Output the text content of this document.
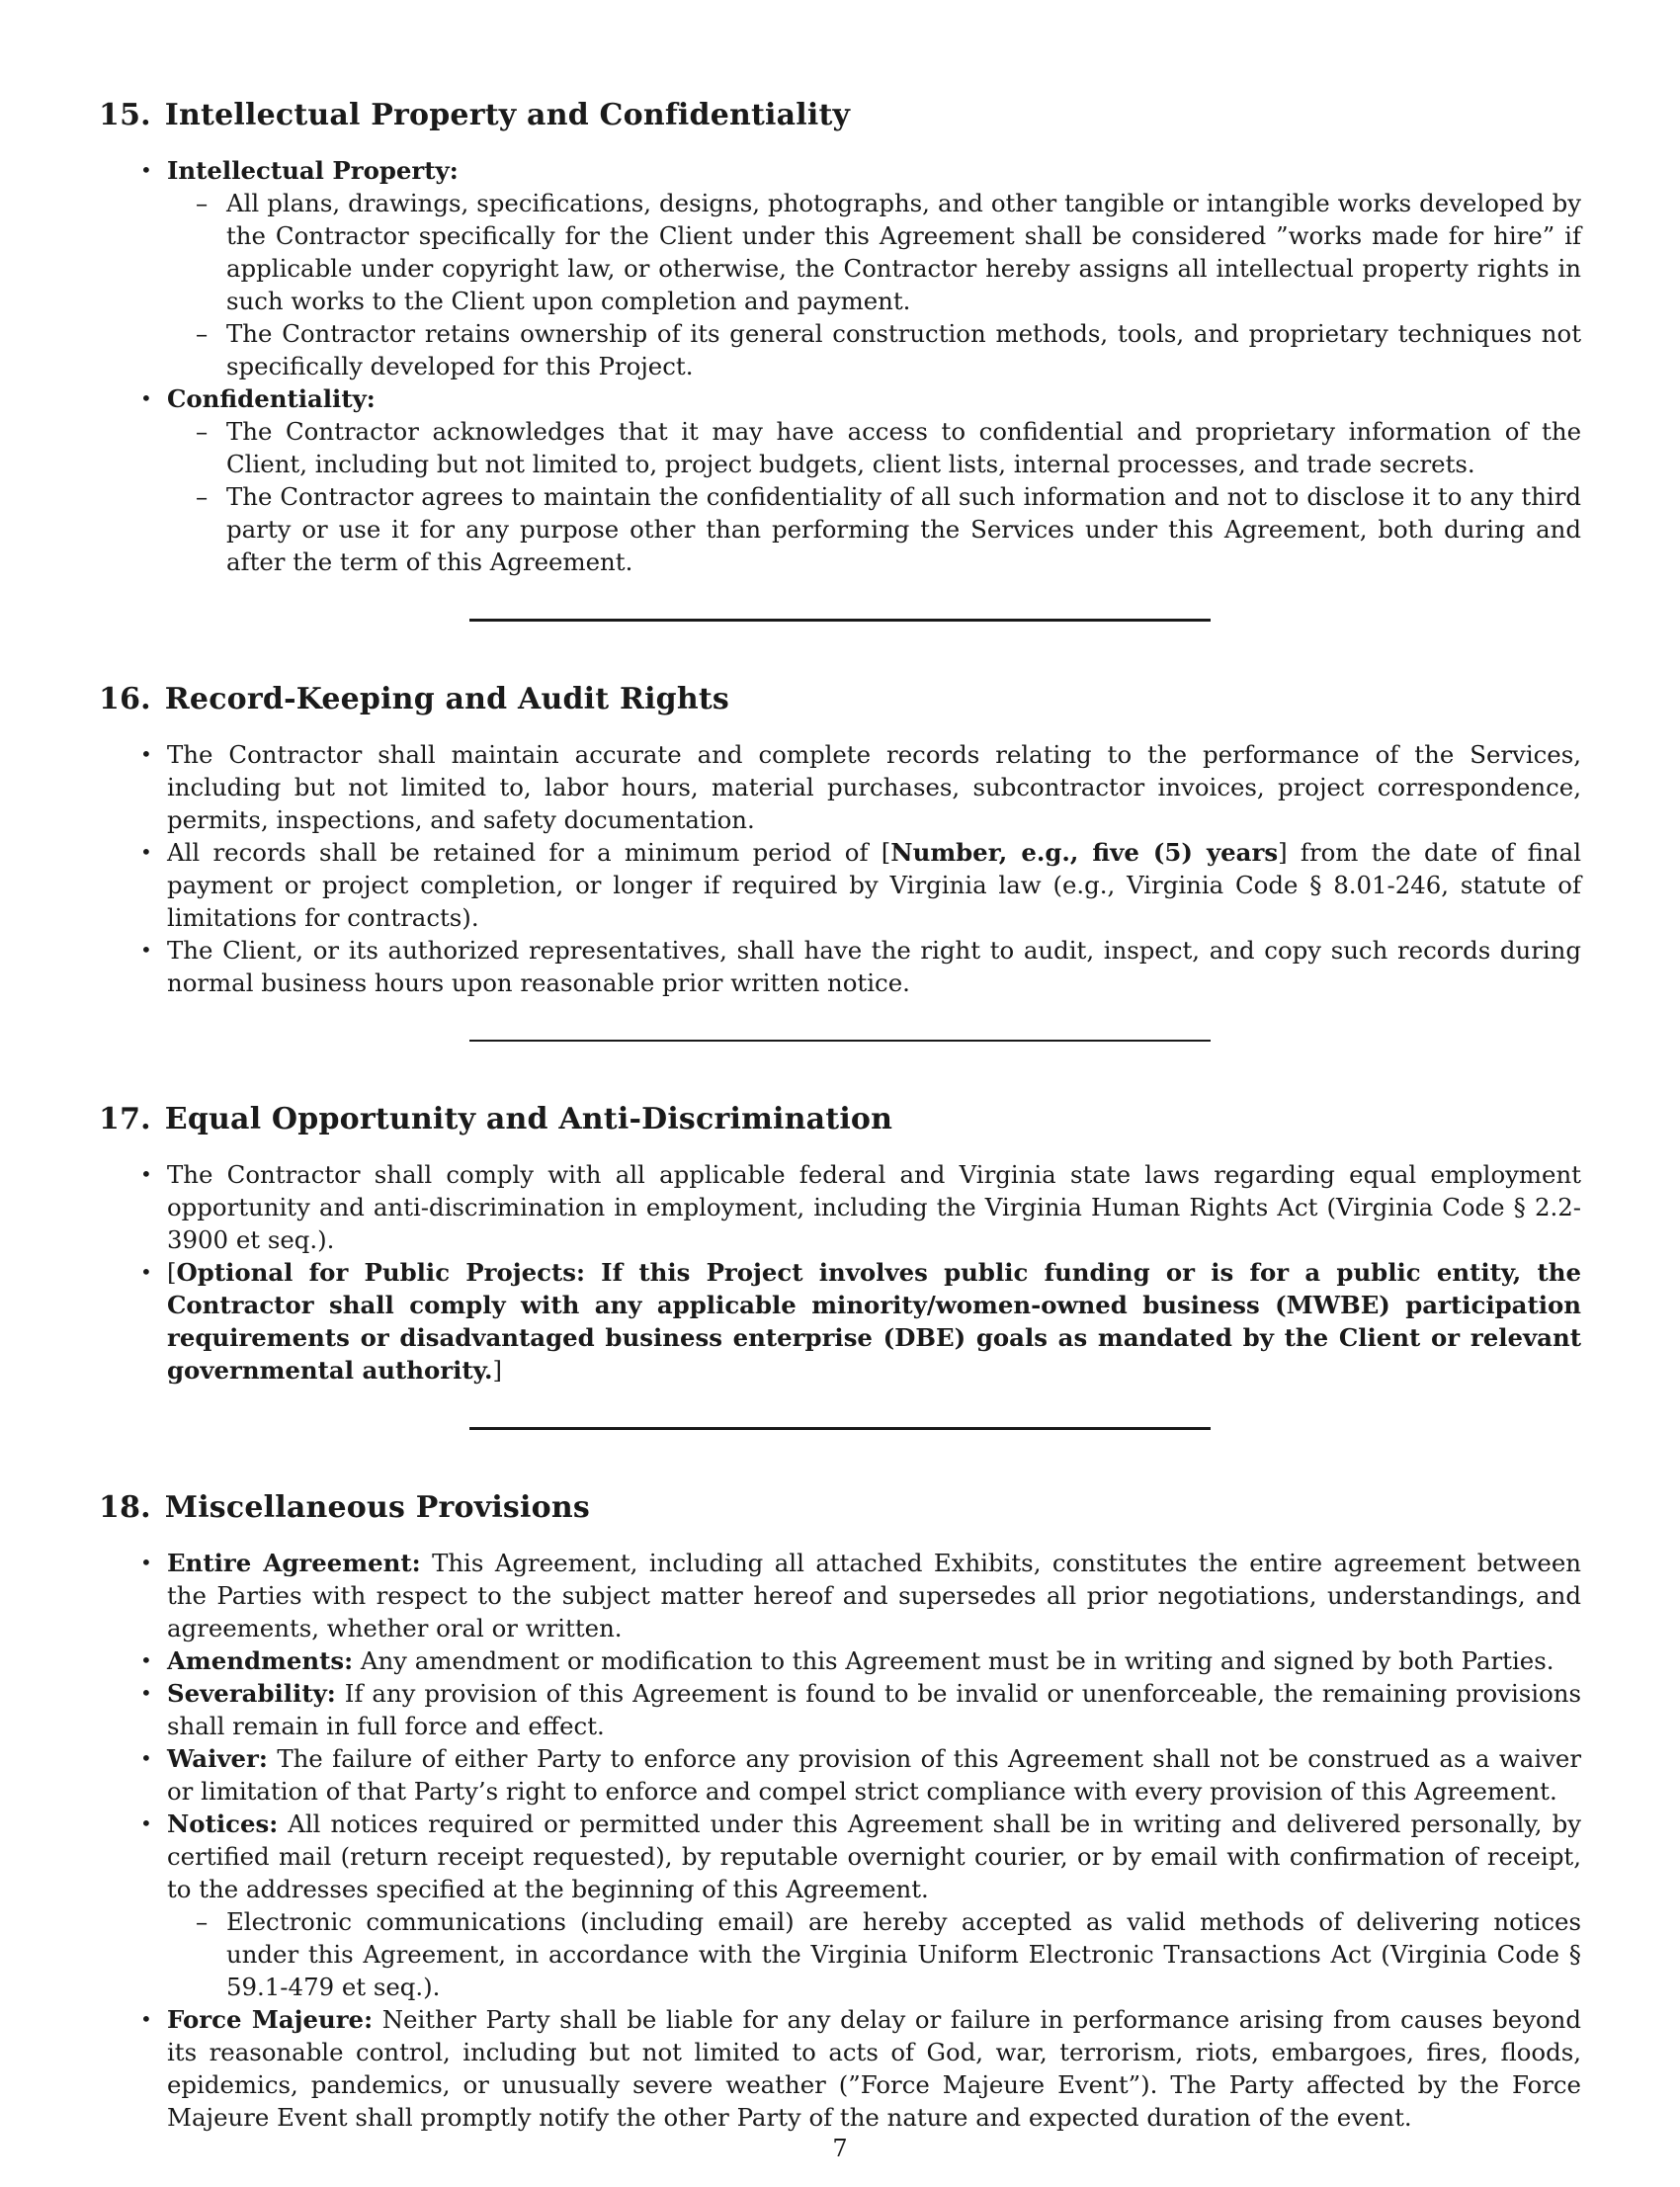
15. Intellectual Property and Confidentiality
• Intellectual Property:
– All plans, drawings, specifications, designs, photographs, and other tangible or intangible works developed by the Contractor specifically for the Client under this Agreement shall be considered ”works made for hire” if applicable under copyright law, or otherwise, the Contractor hereby assigns all intellectual property rights in such works to the Client upon completion and payment.
– The Contractor retains ownership of its general construction methods, tools, and proprietary techniques not specifically developed for this Project.
• Confidentiality:
– The Contractor acknowledges that it may have access to confidential and proprietary information of the Client, including but not limited to, project budgets, client lists, internal processes, and trade secrets.
– The Contractor agrees to maintain the confidentiality of all such information and not to disclose it to any third party or use it for any purpose other than performing the Services under this Agreement, both during and after the term of this Agreement.
16. Record-Keeping and Audit Rights
• The Contractor shall maintain accurate and complete records relating to the performance of the Services, including but not limited to, labor hours, material purchases, subcontractor invoices, project correspondence, permits, inspections, and safety documentation.
• All records shall be retained for a minimum period of [Number, e.g., five (5) years] from the date of final payment or project completion, or longer if required by Virginia law (e.g., Virginia Code § 8.01-246, statute of limitations for contracts).
• The Client, or its authorized representatives, shall have the right to audit, inspect, and copy such records during normal business hours upon reasonable prior written notice.
17. Equal Opportunity and Anti-Discrimination
• The Contractor shall comply with all applicable federal and Virginia state laws regarding equal employment opportunity and anti-discrimination in employment, including the Virginia Human Rights Act (Virginia Code § 2.2-3900 et seq.).
• [Optional for Public Projects: If this Project involves public funding or is for a public entity, the Contractor shall comply with any applicable minority/women-owned business (MWBE) participation requirements or disadvantaged business enterprise (DBE) goals as mandated by the Client or relevant governmental authority.]
18. Miscellaneous Provisions
• Entire Agreement: This Agreement, including all attached Exhibits, constitutes the entire agreement between the Parties with respect to the subject matter hereof and supersedes all prior negotiations, understandings, and agreements, whether oral or written.
• Amendments: Any amendment or modification to this Agreement must be in writing and signed by both Parties.
• Severability: If any provision of this Agreement is found to be invalid or unenforceable, the remaining provisions shall remain in full force and effect.
• Waiver: The failure of either Party to enforce any provision of this Agreement shall not be construed as a waiver or limitation of that Party’s right to enforce and compel strict compliance with every provision of this Agreement.
• Notices: All notices required or permitted under this Agreement shall be in writing and delivered personally, by certified mail (return receipt requested), by reputable overnight courier, or by email with confirmation of receipt, to the addresses specified at the beginning of this Agreement.
– Electronic communications (including email) are hereby accepted as valid methods of delivering notices under this Agreement, in accordance with the Virginia Uniform Electronic Transactions Act (Virginia Code § 59.1-479 et seq.).
• Force Majeure: Neither Party shall be liable for any delay or failure in performance arising from causes beyond its reasonable control, including but not limited to acts of God, war, terrorism, riots, embargoes, fires, floods, epidemics, pandemics, or unusually severe weather (”Force Majeure Event”). The Party affected by the Force Majeure Event shall promptly notify the other Party of the nature and expected duration of the event.
7
